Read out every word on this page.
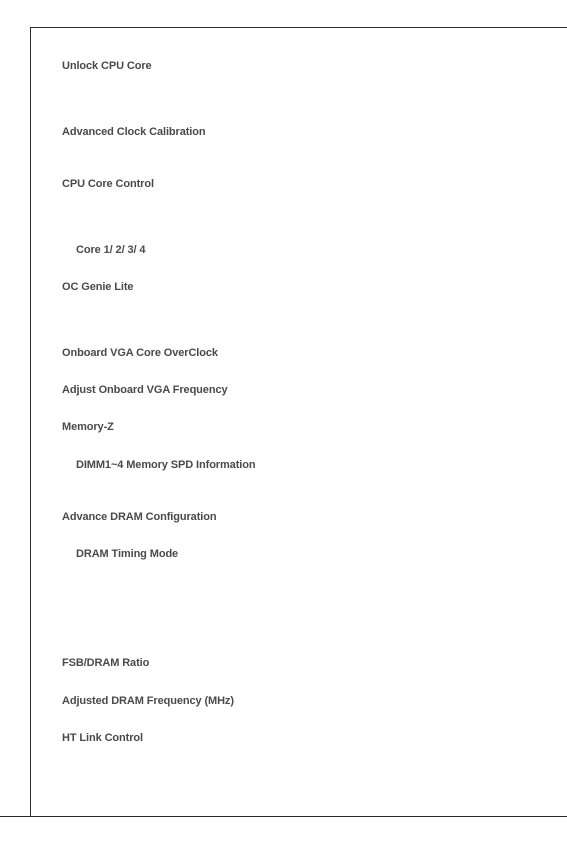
Unlock CPU Core
Advanced Clock Calibration
CPU Core Control
Core 1/ 2/ 3/ 4
OC Genie Lite
Onboard VGA Core OverClock
Adjust Onboard VGA Frequency
Memory-Z
DIMM1~4 Memory SPD Information
Advance DRAM Configuration
DRAM Timing Mode
FSB/DRAM Ratio
Adjusted DRAM Frequency (MHz)
HT Link Control
